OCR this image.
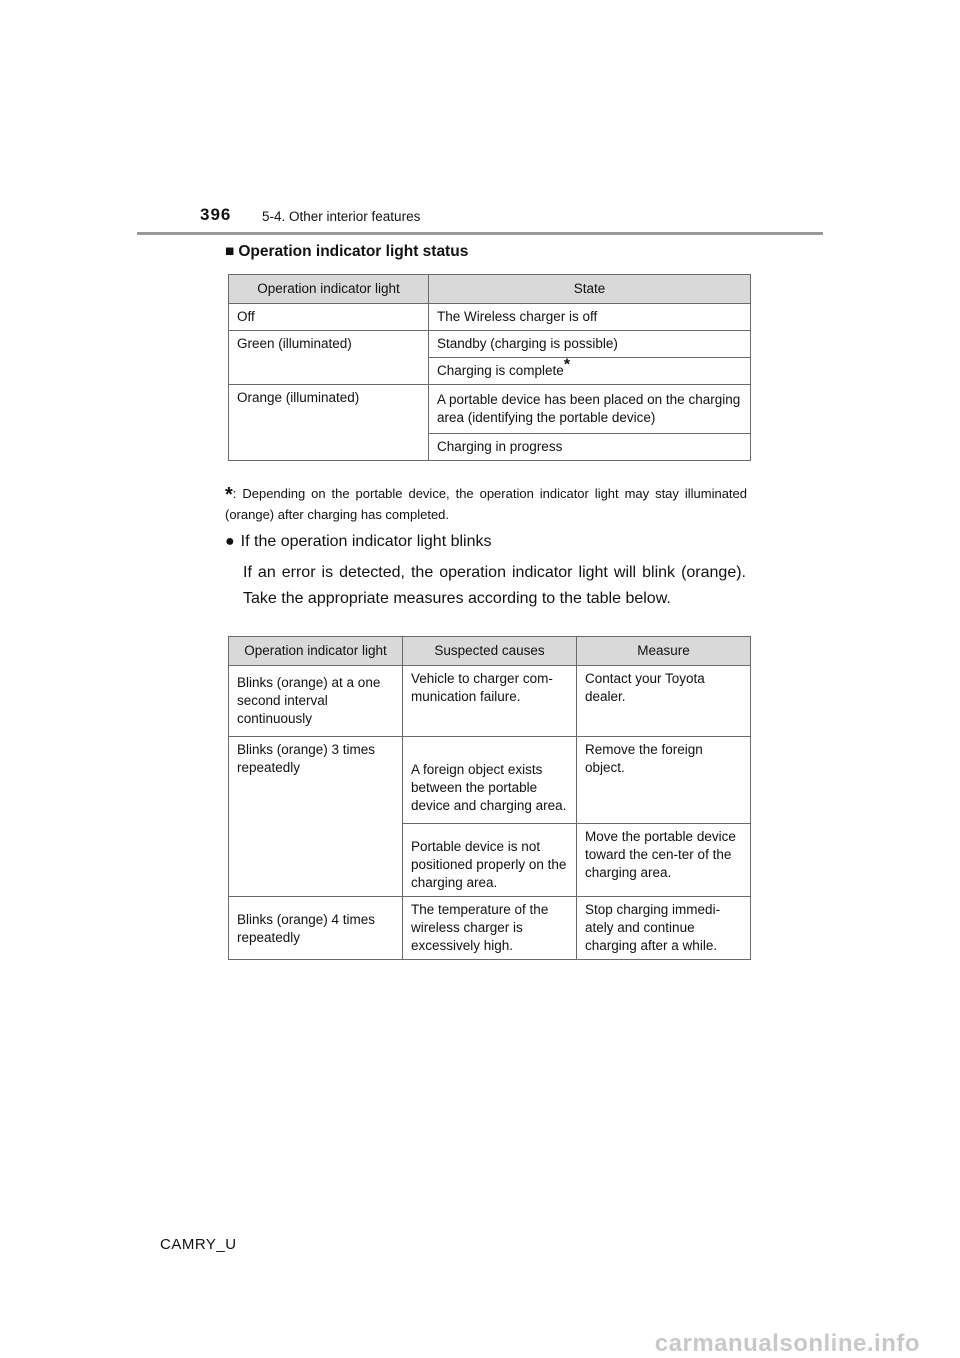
396 5-4. Other interior features
■ Operation indicator light status
Operation indicator light	State
Off	The Wireless charger is off
Green (illuminated)	Standby (charging is possible)
	Charging is complete*
Orange (illuminated)	A portable device has been placed on the charging area (identifying the portable device)
	Charging in progress
*: Depending on the portable device, the operation indicator light may stay illuminated (orange) after charging has completed.
● If the operation indicator light blinks
If an error is detected, the operation indicator light will blink (orange). Take the appropriate measures according to the table below.
Operation indicator light	Suspected causes	Measure
Blinks (orange) at a one second interval continuously	Vehicle to charger com-munication failure.	Contact your Toyota dealer.
Blinks (orange) 3 times repeatedly	A foreign object exists between the portable device and charging area.	Remove the foreign object.
	Portable device is not positioned properly on the charging area.	Move the portable device toward the cen-ter of the charging area.
Blinks (orange) 4 times repeatedly	The temperature of the wireless charger is excessively high.	Stop charging immedi-ately and continue charging after a while.
CAMRY_U
carmanualsonline.info
